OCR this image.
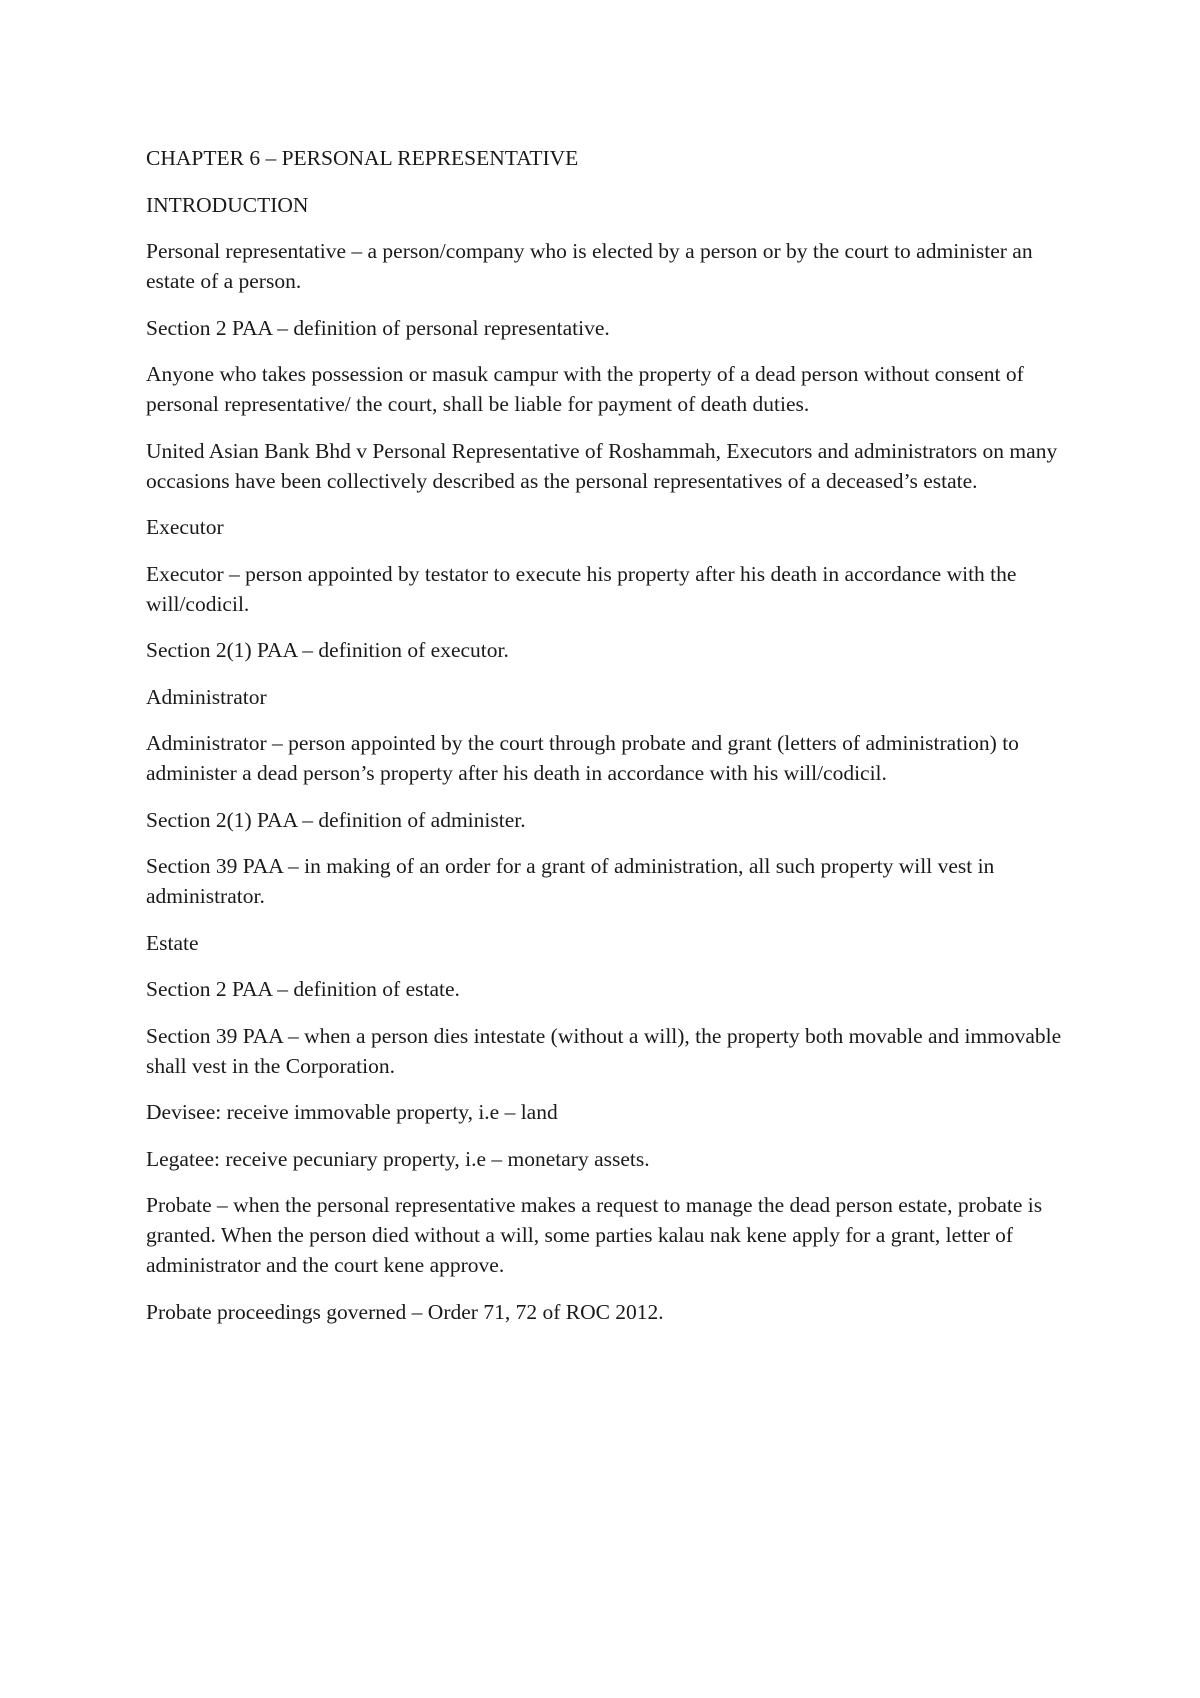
CHAPTER 6 – PERSONAL REPRESENTATIVE

INTRODUCTION

Personal representative – a person/company who is elected by a person or by the court to administer an estate of a person.

Section 2 PAA – definition of personal representative.

Anyone who takes possession or masuk campur with the property of a dead person without consent of personal representative/ the court, shall be liable for payment of death duties.

United Asian Bank Bhd v Personal Representative of Roshammah, Executors and administrators on many occasions have been collectively described as the personal representatives of a deceased’s estate.

Executor

Executor – person appointed by testator to execute his property after his death in accordance with the will/codicil.

Section 2(1) PAA – definition of executor.

Administrator

Administrator – person appointed by the court through probate and grant (letters of administration) to administer a dead person’s property after his death in accordance with his will/codicil.

Section 2(1) PAA – definition of administer.

Section 39 PAA – in making of an order for a grant of administration, all such property will vest in administrator.

Estate

Section 2 PAA – definition of estate.

Section 39 PAA – when a person dies intestate (without a will), the property both movable and immovable shall vest in the Corporation.

Devisee: receive immovable property, i.e – land

Legatee: receive pecuniary property, i.e – monetary assets.

Probate – when the personal representative makes a request to manage the dead person estate, probate is granted. When the person died without a will, some parties kalau nak kene apply for a grant, letter of administrator and the court kene approve.

Probate proceedings governed – Order 71, 72 of ROC 2012.
